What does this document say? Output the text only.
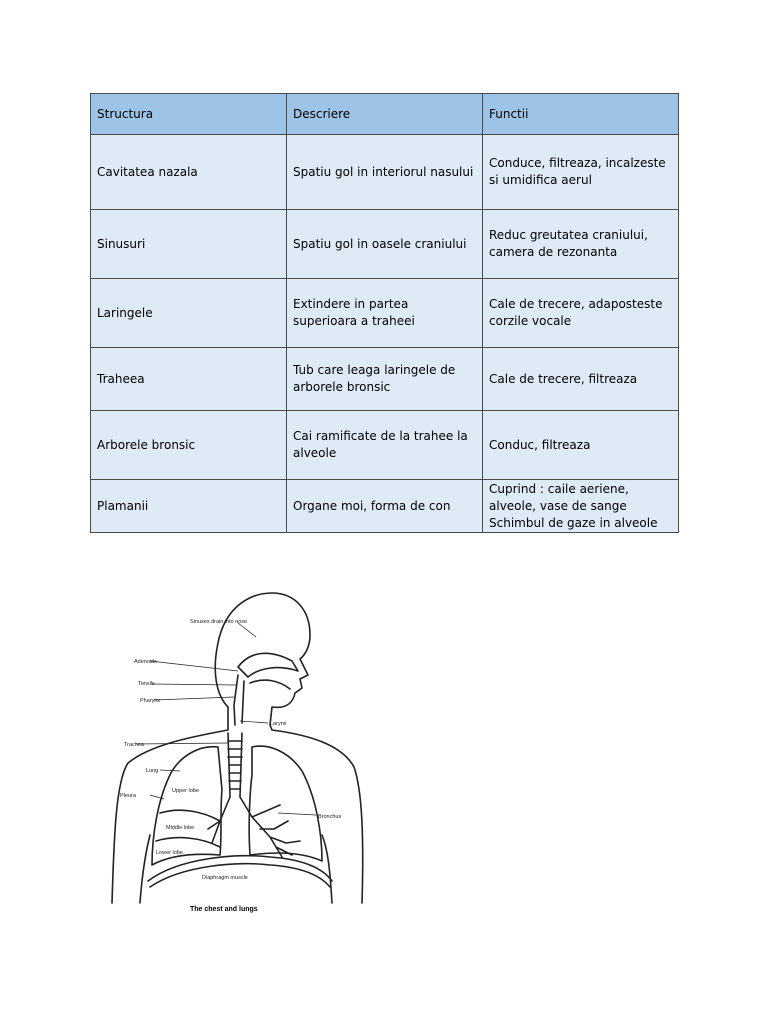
Structura	Descriere	Functii
Cavitatea nazala	Spatiu gol in interiorul nasului	Conduce, filtreaza, incalzeste si umidifica aerul
Sinusuri	Spatiu gol in oasele craniului	Reduc greutatea craniului, camera de rezonanta
Laringele	Extindere in partea superioara a traheei	Cale de trecere, adaposteste corzile vocale
Traheea	Tub care leaga laringele de arborele bronsic	Cale de trecere, filtreaza
Arborele bronsic	Cai ramificate de la trahee la alveole	Conduc, filtreaza
Plamanii	Organe moi, forma de con	Cuprind : caile aeriene, alveole, vase de sange
Schimbul de gaze in alveole
Sinuses drain into nose
Adenoids
Tonsils
Pharynx
Larynx
Trachea
Lung
Upper lobe
Pleura
Middle lobe
Lower lobe
Bronchus
Diaphragm muscle
The chest and lungs
